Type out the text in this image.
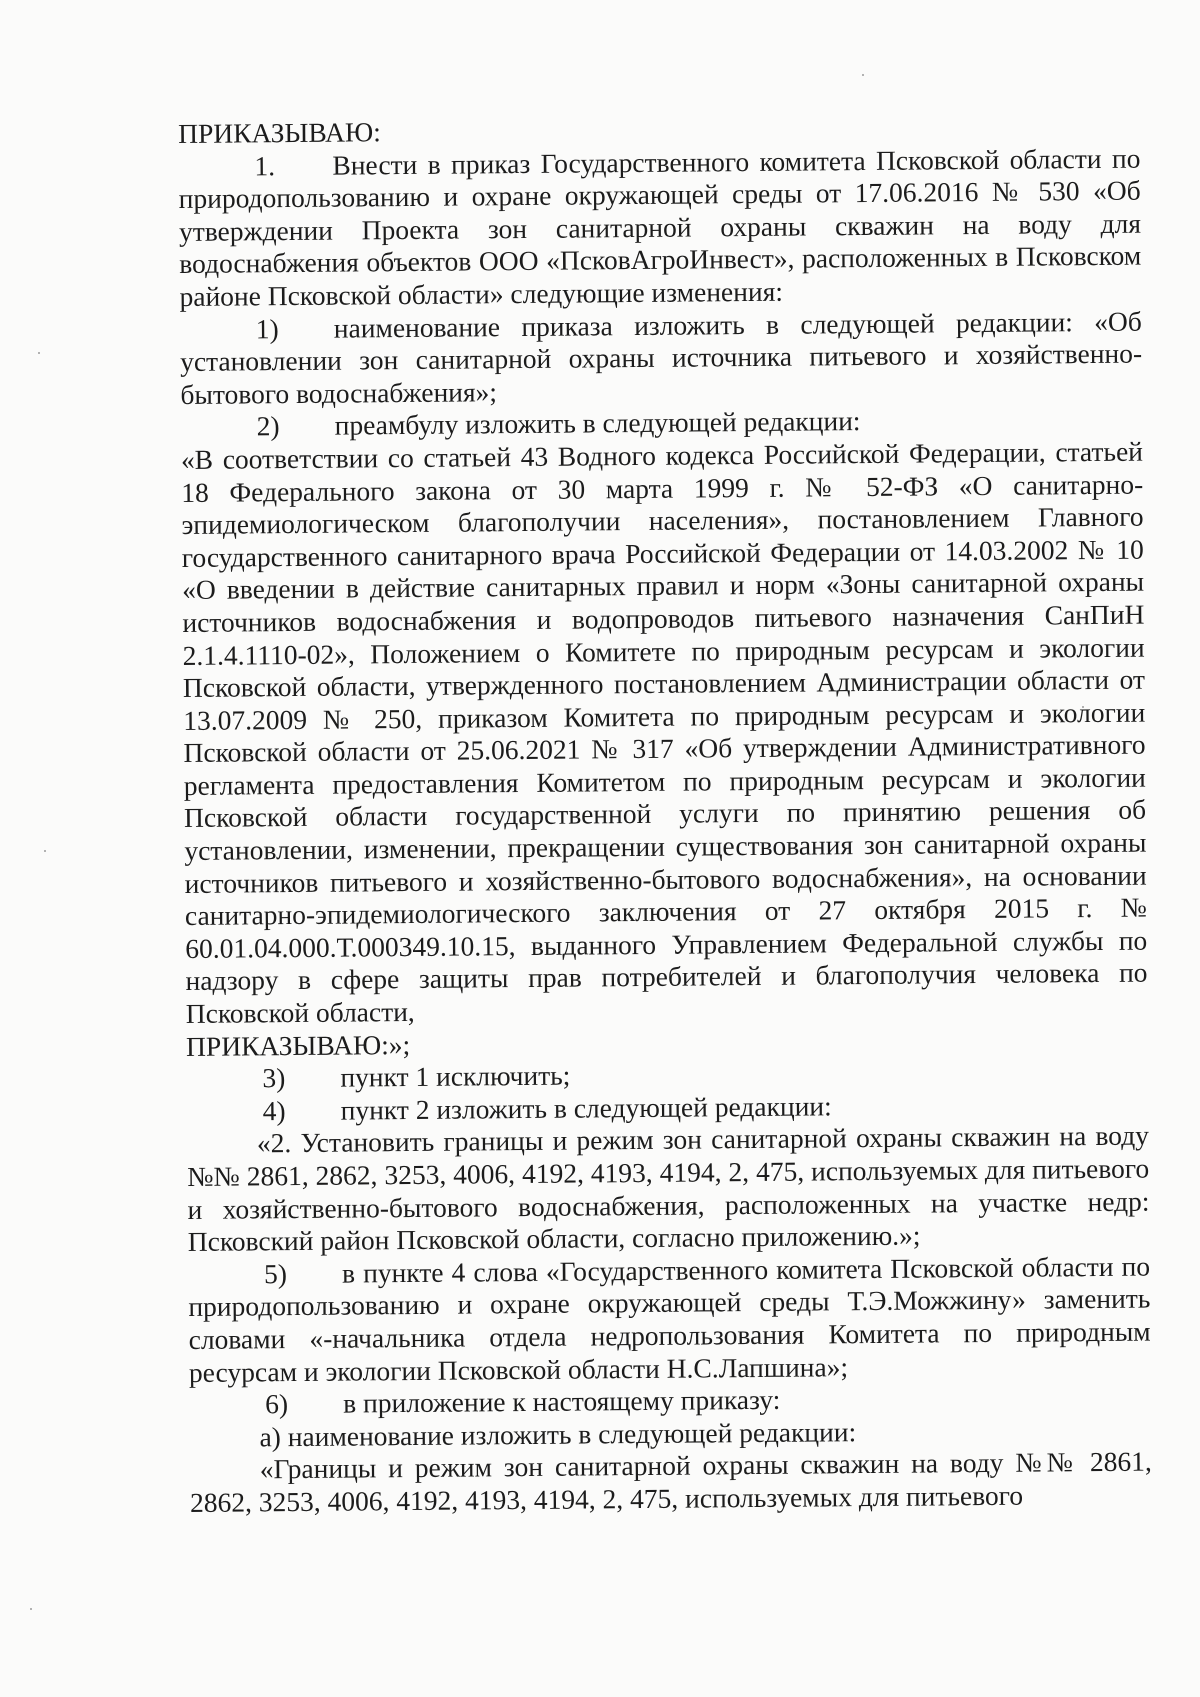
ПРИКАЗЫВАЮ:

1. Внести в приказ Государственного комитета Псковской области по природопользованию и охране окружающей среды от 17.06.2016 № 530 «Об утверждении Проекта зон санитарной охраны скважин на воду для водоснабжения объектов ООО «ПсковАгроИнвест», расположенных в Псковском районе Псковской области» следующие изменения:

1) наименование приказа изложить в следующей редакции: «Об установлении зон санитарной охраны источника питьевого и хозяйственно-бытового водоснабжения»;

2) преамбулу изложить в следующей редакции:

«В соответствии со статьей 43 Водного кодекса Российской Федерации, статьей 18 Федерального закона от 30 марта 1999 г. № 52-ФЗ «О санитарно-эпидемиологическом благополучии населения», постановлением Главного государственного санитарного врача Российской Федерации от 14.03.2002 № 10 «О введении в действие санитарных правил и норм «Зоны санитарной охраны источников водоснабжения и водопроводов питьевого назначения СанПиН 2.1.4.1110-02», Положением о Комитете по природным ресурсам и экологии Псковской области, утвержденного постановлением Администрации области от 13.07.2009 № 250, приказом Комитета по природным ресурсам и экологии Псковской области от 25.06.2021 № 317 «Об утверждении Административного регламента предоставления Комитетом по природным ресурсам и экологии Псковской области государственной услуги по принятию решения об установлении, изменении, прекращении существования зон санитарной охраны источников питьевого и хозяйственно-бытового водоснабжения», на основании санитарно-эпидемиологического заключения от 27 октября 2015 г. № 60.01.04.000.Т.000349.10.15, выданного Управлением Федеральной службы по надзору в сфере защиты прав потребителей и благополучия человека по Псковской области,

ПРИКАЗЫВАЮ:»;

3) пункт 1 исключить;

4) пункт 2 изложить в следующей редакции:

«2. Установить границы и режим зон санитарной охраны скважин на воду №№ 2861, 2862, 3253, 4006, 4192, 4193, 4194, 2, 475, используемых для питьевого и хозяйственно-бытового водоснабжения, расположенных на участке недр: Псковский район Псковской области, согласно приложению.»;

5) в пункте 4 слова «Государственного комитета Псковской области по природопользованию и охране окружающей среды Т.Э.Можжину» заменить словами «-начальника отдела недропользования Комитета по природным ресурсам и экологии Псковской области Н.С.Лапшина»;

6) в приложение к настоящему приказу:

а) наименование изложить в следующей редакции:

«Границы и режим зон санитарной охраны скважин на воду №№ 2861, 2862, 3253, 4006, 4192, 4193, 4194, 2, 475, используемых для питьевого
